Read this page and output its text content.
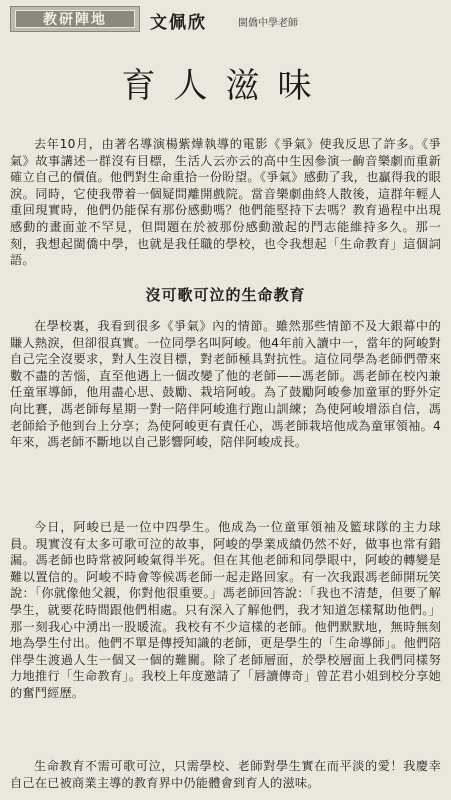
教研陣地	文佩欣	閩僑中學老師
育人滋味

去年10月，由著名導演楊紫燁執導的電影《爭氣》使我反思了許多。《爭氣》故事講述一群沒有目標，生活人云亦云的高中生因參演一齣音樂劇而重新確立自己的價值。他們對生命重拾一份盼望。《爭氣》感動了我，也贏得我的眼淚。同時，它使我帶着一個疑問離開戲院。當音樂劇曲終人散後，這群年輕人重回現實時，他們仍能保有那份感動嗎？他們能堅持下去嗎？教育過程中出現感動的畫面並不罕見，但問題在於被那份感動激起的鬥志能維持多久。那一刻，我想起閩僑中學，也就是我任職的學校，也令我想起「生命教育」這個詞語。

沒可歌可泣的生命教育

在學校裏，我看到很多《爭氣》內的情節。雖然那些情節不及大銀幕中的賺人熱淚，但卻很真實。一位同學名叫阿峻。他4年前入讀中一，當年的阿峻對自己完全沒要求，對人生沒目標，對老師極具對抗性。這位同學為老師們帶來數不盡的苦惱，直至他遇上一個改變了他的老師——馮老師。馮老師在校內兼任童軍導師，他用盡心思、鼓勵、栽培阿峻。為了鼓勵阿峻參加童軍的野外定向比賽，馮老師每星期一對一陪伴阿峻進行跑山訓練；為使阿峻增添自信，馮老師給予他到台上分享；為使阿峻更有責任心，馮老師栽培他成為童軍領袖。4年來，馮老師不斷地以自己影響阿峻，陪伴阿峻成長。

今日，阿峻已是一位中四學生。他成為一位童軍領袖及籃球隊的主力球員。現實沒有太多可歌可泣的故事，阿峻的學業成績仍然不好，做事也常有錯漏。馮老師也時常被阿峻氣得半死。但在其他老師和同學眼中，阿峻的轉變是難以置信的。阿峻不時會等候馮老師一起走路回家。有一次我跟馮老師開玩笑說：「你就像他父親，你對他很重要。」馮老師回答說：「我也不清楚，但要了解學生，就要花時間跟他們相處。只有深入了解他們，我才知道怎樣幫助他們。」那一刻我心中湧出一股暖流。我校有不少這樣的老師。他們默默地，無時無刻地為學生付出。他們不單是傳授知識的老師，更是學生的「生命導師」。他們陪伴學生渡過人生一個又一個的難關。除了老師層面，於學校層面上我們同樣努力地推行「生命教育」。我校上年度邀請了「唇讀傳奇」曾芷君小姐到校分享她的奮鬥經歷。

生命教育不需可歌可泣，只需學校、老師對學生實在而平淡的愛！我慶幸自己在已被商業主導的教育界中仍能體會到育人的滋味。
